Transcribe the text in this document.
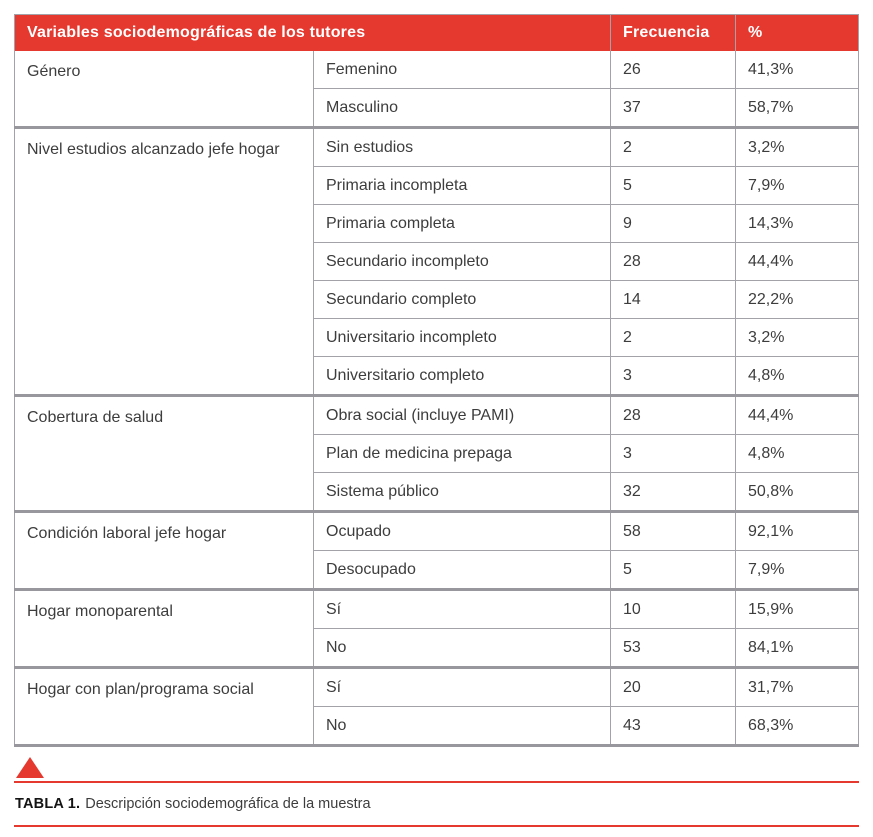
Variables sociodemográficas de los tutores		Frecuencia	%
Género	Femenino	26	41,3%
	Masculino	37	58,7%
Nivel estudios alcanzado jefe hogar	Sin estudios	2	3,2%
	Primaria incompleta	5	7,9%
	Primaria completa	9	14,3%
	Secundario incompleto	28	44,4%
	Secundario completo	14	22,2%
	Universitario incompleto	2	3,2%
	Universitario completo	3	4,8%
Cobertura de salud	Obra social (incluye PAMI)	28	44,4%
	Plan de medicina prepaga	3	4,8%
	Sistema público	32	50,8%
Condición laboral jefe hogar	Ocupado	58	92,1%
	Desocupado	5	7,9%
Hogar monoparental	Sí	10	15,9%
	No	53	84,1%
Hogar con plan/programa social	Sí	20	31,7%
	No	43	68,3%
TABLA 1. Descripción sociodemográfica de la muestra
